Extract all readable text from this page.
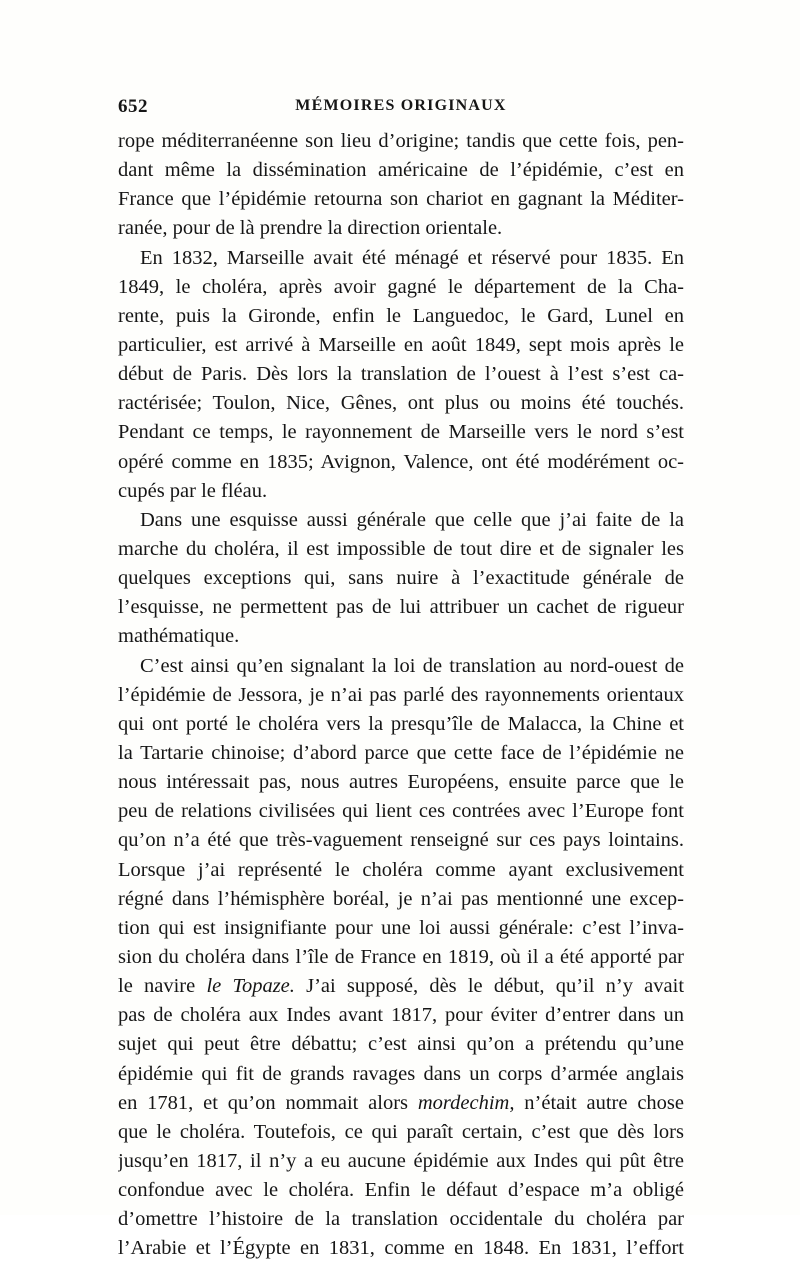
652	MÉMOIRES ORIGINAUX
rope méditerranéenne son lieu d’origine; tandis que cette fois, pen-
dant même la dissémination américaine de l’épidémie, c’est en
France que l’épidémie retourna son chariot en gagnant la Méditer-
ranée, pour de là prendre la direction orientale.
En 1832, Marseille avait été ménagé et réservé pour 1835. En
1849, le choléra, après avoir gagné le département de la Cha-
rente, puis la Gironde, enfin le Languedoc, le Gard, Lunel en
particulier, est arrivé à Marseille en août 1849, sept mois après le
début de Paris. Dès lors la translation de l’ouest à l’est s’est ca-
ractérisée; Toulon, Nice, Gênes, ont plus ou moins été touchés.
Pendant ce temps, le rayonnement de Marseille vers le nord s’est
opéré comme en 1835; Avignon, Valence, ont été modérément oc-
cupés par le fléau.
Dans une esquisse aussi générale que celle que j’ai faite de la
marche du choléra, il est impossible de tout dire et de signaler les
quelques exceptions qui, sans nuire à l’exactitude générale de
l’esquisse, ne permettent pas de lui attribuer un cachet de rigueur
mathématique.
C’est ainsi qu’en signalant la loi de translation au nord-ouest de
l’épidémie de Jessora, je n’ai pas parlé des rayonnements orientaux
qui ont porté le choléra vers la presqu’île de Malacca, la Chine et
la Tartarie chinoise; d’abord parce que cette face de l’épidémie ne
nous intéressait pas, nous autres Européens, ensuite parce que le
peu de relations civilisées qui lient ces contrées avec l’Europe font
qu’on n’a été que très-vaguement renseigné sur ces pays lointains.
Lorsque j’ai représenté le choléra comme ayant exclusivement
régné dans l’hémisphère boréal, je n’ai pas mentionné une excep-
tion qui est insignifiante pour une loi aussi générale: c’est l’inva-
sion du choléra dans l’île de France en 1819, où il a été apporté par
le navire le Topaze. J’ai supposé, dès le début, qu’il n’y avait
pas de choléra aux Indes avant 1817, pour éviter d’entrer dans un
sujet qui peut être débattu; c’est ainsi qu’on a prétendu qu’une
épidémie qui fit de grands ravages dans un corps d’armée anglais
en 1781, et qu’on nommait alors mordechim, n’était autre chose
que le choléra. Toutefois, ce qui paraît certain, c’est que dès lors
jusqu’en 1817, il n’y a eu aucune épidémie aux Indes qui pût être
confondue avec le choléra. Enfin le défaut d’espace m’a obligé
d’omettre l’histoire de la translation occidentale du choléra par
l’Arabie et l’Égypte en 1831, comme en 1848. En 1831, l’effort
